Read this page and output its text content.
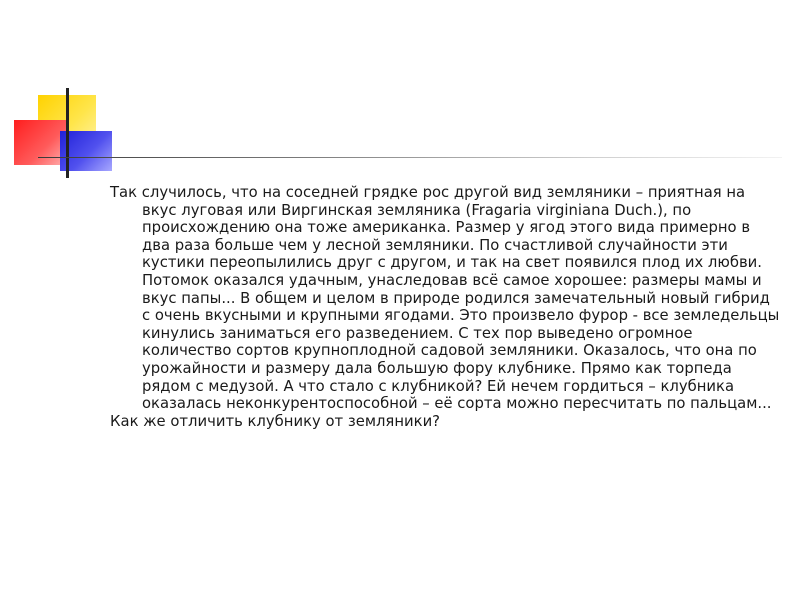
Так случилось, что на соседней грядке рос другой вид земляники – приятная на вкус луговая или Виргинская земляника (Fragaria virginiana Duch.), по происхождению она тоже американка. Размер у ягод этого вида примерно в два раза больше чем у лесной земляники. По счастливой случайности эти кустики переопылились друг с другом, и так на свет появился плод их любви.
Потомок оказался удачным, унаследовав всё самое хорошее: размеры мамы и вкус папы... В общем и целом в природе родился замечательный новый гибрид с очень вкусными и крупными ягодами. Это произвело фурор - все земледельцы кинулись заниматься его разведением. С тех пор выведено огромное количество сортов крупноплодной садовой земляники. Оказалось, что она по урожайности и размеру дала большую фору клубнике. Прямо как торпеда рядом с медузой. А что стало с клубникой? Ей нечем гордиться – клубника оказалась неконкурентоспособной – её сорта можно пересчитать по пальцам...

Как же отличить клубнику от земляники?
